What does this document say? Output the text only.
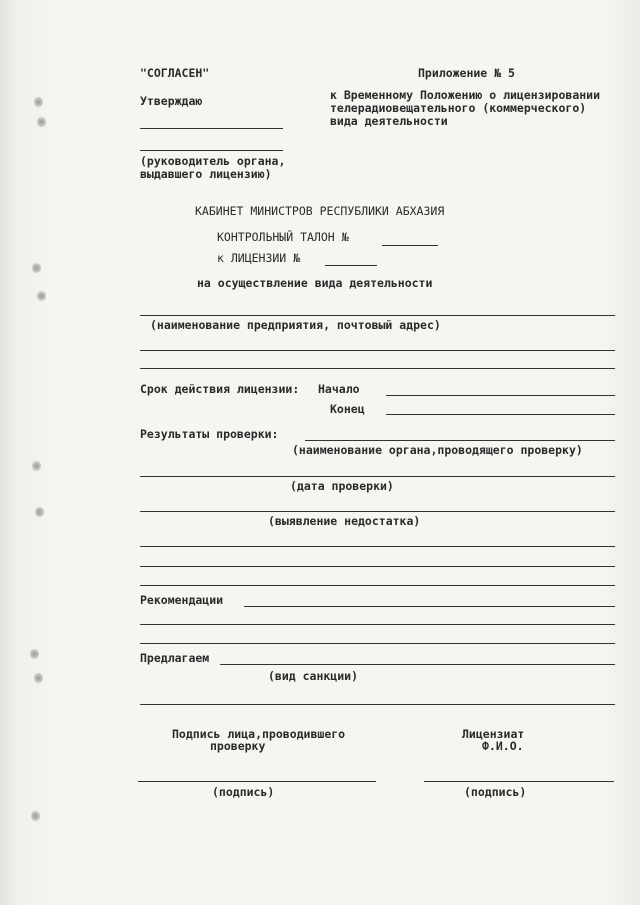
"СОГЛАСЕН"
Утверждаю
(руководитель органа,
выдавшего лицензию)
Приложение № 5
к Временному Положению о лицензировании
телерадиовещательного (коммерческого)
вида деятельности
КАБИНЕТ МИНИСТРОВ РЕСПУБЛИКИ АБХАЗИЯ
КОНТРОЛЬНЫЙ ТАЛОН №
к ЛИЦЕНЗИИ №
на осуществление вида деятельности
(наименование предприятия, почтовый адрес)
Срок действия лицензии: Начало
Конец
Результаты проверки:
(наименование органа,проводящего проверку)
(дата проверки)
(выявление недостатка)
Рекомендации
Предлагаем
(вид санкции)
Подпись лица,проводившего
проверку
Лицензиат
Ф.И.О.
(подпись)	(подпись)
